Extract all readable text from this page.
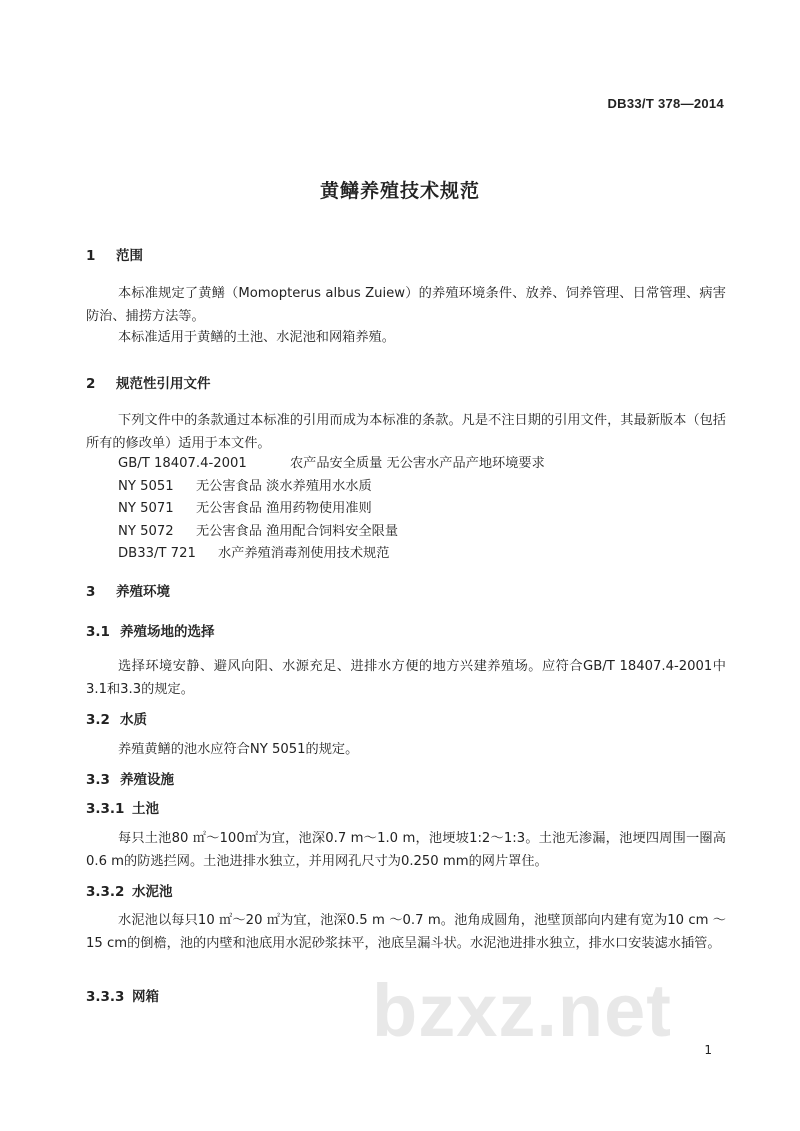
DB33/T 378—2014
黄鳝养殖技术规范
1 范围
本标准规定了黄鳝（Momopterus albus Zuiew）的养殖环境条件、放养、饲养管理、日常管理、病害防治、捕捞方法等。
本标准适用于黄鳝的土池、水泥池和网箱养殖。
2 规范性引用文件
下列文件中的条款通过本标准的引用而成为本标准的条款。凡是不注日期的引用文件，其最新版本（包括所有的修改单）适用于本文件。
GB/T 18407.4-2001	农产品安全质量 无公害水产品产地环境要求
NY 5051 无公害食品 淡水养殖用水水质
NY 5071 无公害食品 渔用药物使用准则
NY 5072 无公害食品 渔用配合饲料安全限量
DB33/T 721 水产养殖消毒剂使用技术规范
3 养殖环境
3.1 养殖场地的选择
选择环境安静、避风向阳、水源充足、进排水方便的地方兴建养殖场。应符合GB/T 18407.4-2001中3.1和3.3的规定。
3.2 水质
养殖黄鳝的池水应符合NY 5051的规定。
3.3 养殖设施
3.3.1 土池
每只土池80 ㎡～100㎡为宜，池深0.7 m～1.0 m，池埂坡1:2～1:3。土池无渗漏，池埂四周围一圈高0.6 m的防逃拦网。土池进排水独立，并用网孔尺寸为0.250 mm的网片罩住。
3.3.2 水泥池
水泥池以每只10 ㎡～20 ㎡为宜，池深0.5 m ～0.7 m。池角成圆角，池壁顶部向内建有宽为10 cm ～15 cm的倒檐，池的内壁和池底用水泥砂浆抹平，池底呈漏斗状。水泥池进排水独立，排水口安装滤水插管。
3.3.3 网箱	bzxz.net	1
